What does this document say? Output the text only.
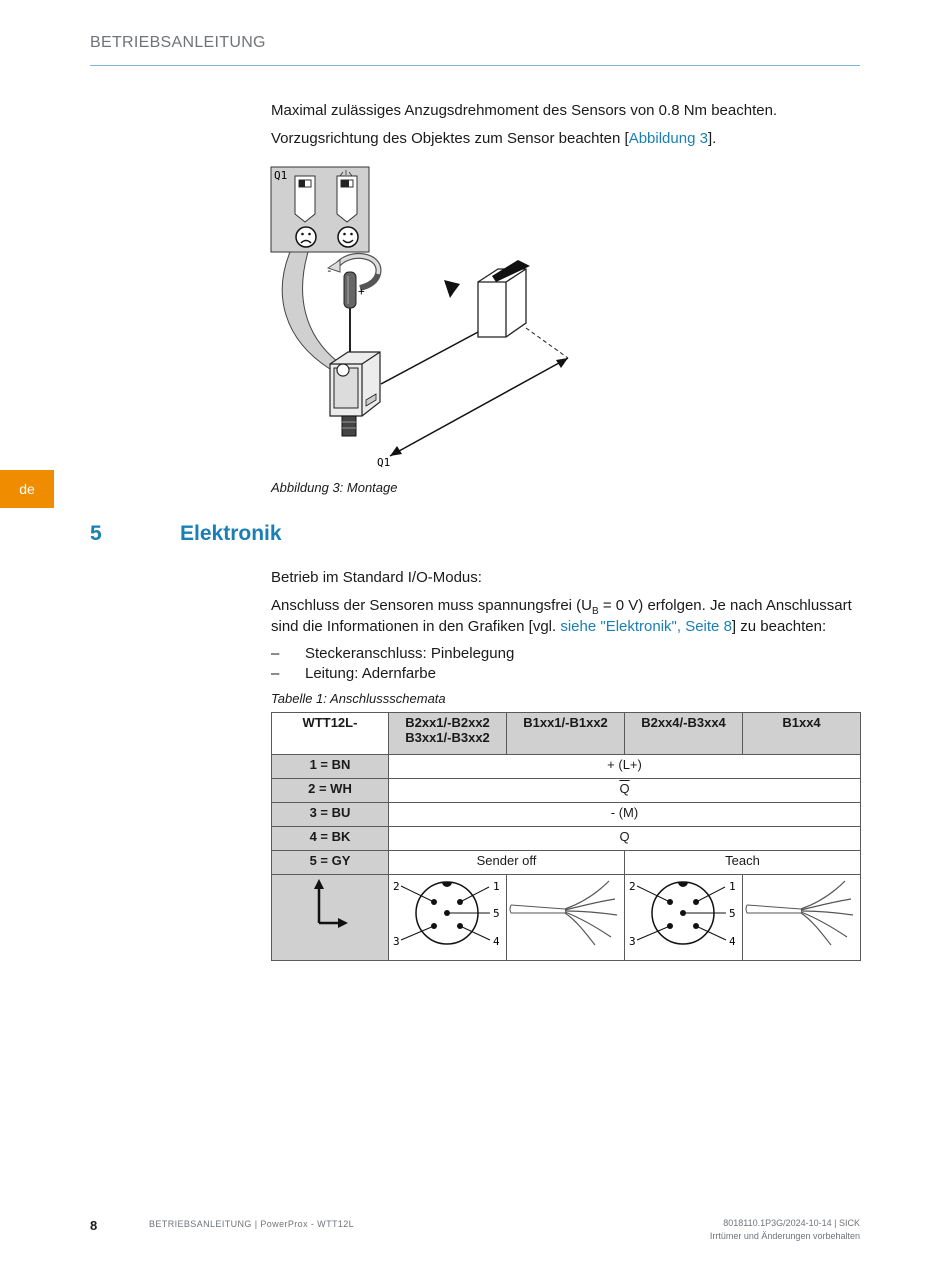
BETRIEBSANLEITUNG

Maximal zulässiges Anzugsdrehmoment des Sensors von 0.8 Nm beachten.

Vorzugsrichtung des Objektes zum Sensor beachten [Abbildung 3].

Q1
-
+
Q1
Abbildung 3: Montage
de
5	Elektronik

Betrieb im Standard I/O-Modus:

Anschluss der Sensoren muss spannungsfrei ($U_B = 0$ V) erfolgen. Je nach Anschlussart

sind die Informationen in den Grafiken [vgl. siehe "Elektronik", Seite 8] zu beachten:

–	Steckeranschluss: Pinbelegung
–	Leitung: Adernfarbe
Tabelle 1: Anschlussschemata
WTT12L-	B2xx1/-B2xx2
B3xx1/-B3xx2	B1xx1/-B1xx2	B2xx4/-B3xx4	B1xx4
1 = BN	+ (L+)			
2 = WH	$\overline{Q}$
3 = BU	- (M)			
4 = BK	Q			
5 = GY	Sender off		Teach	

2 1
5
3 4		2 1
5
3 4

8	BETRIEBSANLEITUNG | PowerProx - WTT12L	8018110.1P3G/2024-10-14 | SICK
Irrtümer und Änderungen vorbehalten
